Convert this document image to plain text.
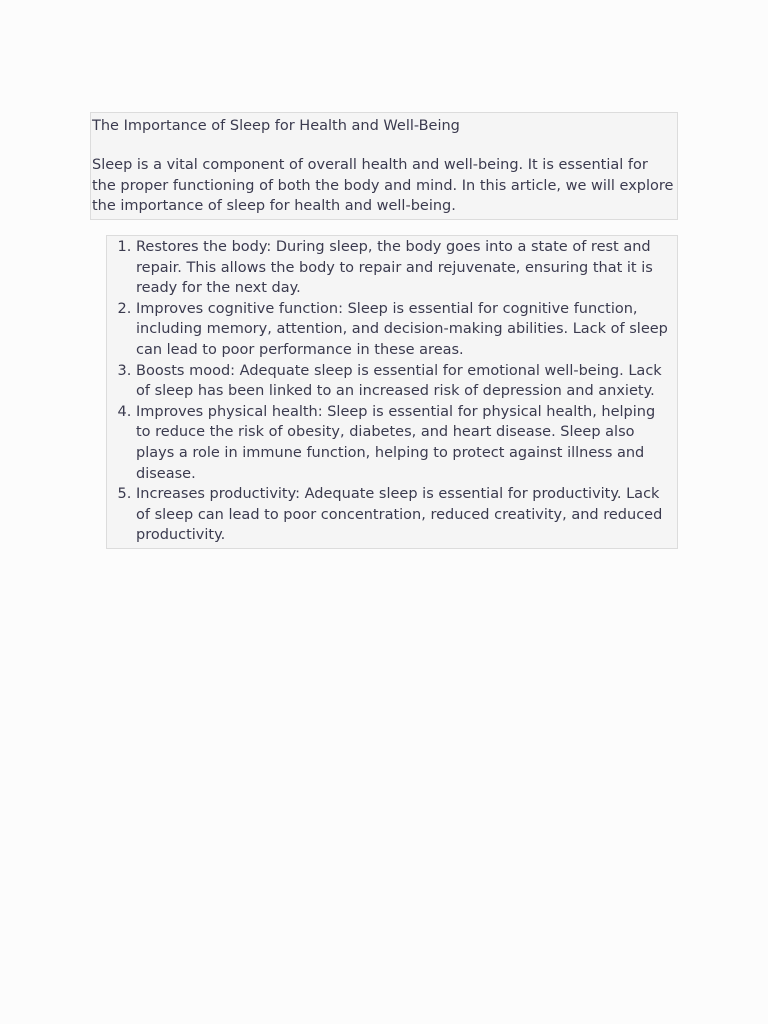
The Importance of Sleep for Health and Well-Being

Sleep is a vital component of overall health and well-being. It is essential for the proper functioning of both the body and mind. In this article, we will explore the importance of sleep for health and well-being.

1. Restores the body: During sleep, the body goes into a state of rest and repair. This allows the body to repair and rejuvenate, ensuring that it is ready for the next day.
2. Improves cognitive function: Sleep is essential for cognitive function, including memory, attention, and decision-making abilities. Lack of sleep can lead to poor performance in these areas.
3. Boosts mood: Adequate sleep is essential for emotional well-being. Lack of sleep has been linked to an increased risk of depression and anxiety.
4. Improves physical health: Sleep is essential for physical health, helping to reduce the risk of obesity, diabetes, and heart disease. Sleep also plays a role in immune function, helping to protect against illness and disease.
5. Increases productivity: Adequate sleep is essential for productivity. Lack of sleep can lead to poor concentration, reduced creativity, and reduced productivity.
